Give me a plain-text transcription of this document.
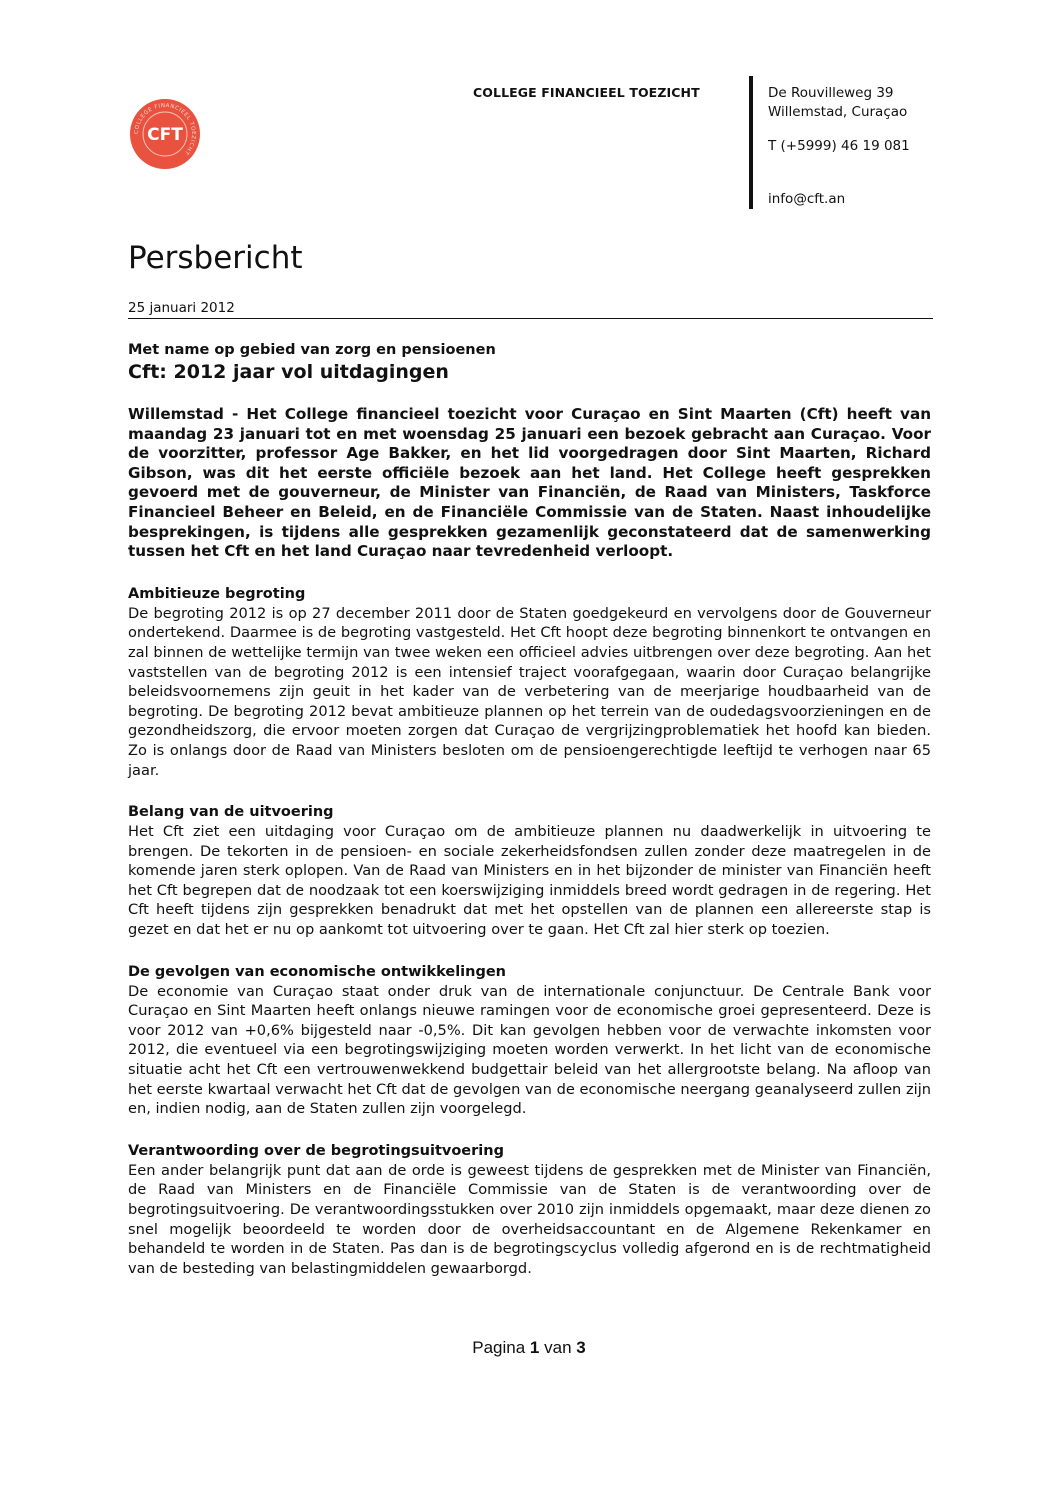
COLLEGE FINANCIEEL TOEZICHT
CFT
COLLEGE FINANCIEEL TOEZICHT	De Rouvilleweg 39
Willemstad, Curaçao
T (+5999) 46 19 081
info@cft.an
Persbericht
25 januari 2012
Met name op gebied van zorg en pensioenen
Cft: 2012 jaar vol uitdagingen

Willemstad - Het College financieel toezicht voor Curaçao en Sint Maarten (Cft) heeft van maandag 23 januari tot en met woensdag 25 januari een bezoek gebracht aan Curaçao. Voor de voorzitter, professor Age Bakker, en het lid voorgedragen door Sint Maarten, Richard Gibson, was dit het eerste officiële bezoek aan het land. Het College heeft gesprekken gevoerd met de gouverneur, de Minister van Financiën, de Raad van Ministers, Taskforce Financieel Beheer en Beleid, en de Financiële Commissie van de Staten. Naast inhoudelijke besprekingen, is tijdens alle gesprekken gezamenlijk geconstateerd dat de samenwerking tussen het Cft en het land Curaçao naar tevredenheid verloopt.

Ambitieuze begroting

De begroting 2012 is op 27 december 2011 door de Staten goedgekeurd en vervolgens door de Gouverneur ondertekend. Daarmee is de begroting vastgesteld. Het Cft hoopt deze begroting binnenkort te ontvangen en zal binnen de wettelijke termijn van twee weken een officieel advies uitbrengen over deze begroting. Aan het vaststellen van de begroting 2012 is een intensief traject voorafgegaan, waarin door Curaçao belangrijke beleidsvoornemens zijn geuit in het kader van de verbetering van de meerjarige houdbaarheid van de begroting. De begroting 2012 bevat ambitieuze plannen op het terrein van de oudedagsvoorzieningen en de gezondheidszorg, die ervoor moeten zorgen dat Curaçao de vergrijzingproblematiek het hoofd kan bieden. Zo is onlangs door de Raad van Ministers besloten om de pensioengerechtigde leeftijd te verhogen naar 65 jaar.

Belang van de uitvoering

Het Cft ziet een uitdaging voor Curaçao om de ambitieuze plannen nu daadwerkelijk in uitvoering te brengen. De tekorten in de pensioen- en sociale zekerheidsfondsen zullen zonder deze maatregelen in de komende jaren sterk oplopen. Van de Raad van Ministers en in het bijzonder de minister van Financiën heeft het Cft begrepen dat de noodzaak tot een koerswijziging inmiddels breed wordt gedragen in de regering. Het Cft heeft tijdens zijn gesprekken benadrukt dat met het opstellen van de plannen een allereerste stap is gezet en dat het er nu op aankomt tot uitvoering over te gaan. Het Cft zal hier sterk op toezien.

De gevolgen van economische ontwikkelingen

De economie van Curaçao staat onder druk van de internationale conjunctuur. De Centrale Bank voor Curaçao en Sint Maarten heeft onlangs nieuwe ramingen voor de economische groei gepresenteerd. Deze is voor 2012 van +0,6% bijgesteld naar -0,5%. Dit kan gevolgen hebben voor de verwachte inkomsten voor 2012, die eventueel via een begrotingswijziging moeten worden verwerkt. In het licht van de economische situatie acht het Cft een vertrouwenwekkend budgettair beleid van het allergrootste belang. Na afloop van het eerste kwartaal verwacht het Cft dat de gevolgen van de economische neergang geanalyseerd zullen zijn en, indien nodig, aan de Staten zullen zijn voorgelegd.

Verantwoording over de begrotingsuitvoering

Een ander belangrijk punt dat aan de orde is geweest tijdens de gesprekken met de Minister van Financiën, de Raad van Ministers en de Financiële Commissie van de Staten is de verantwoording over de begrotingsuitvoering. De verantwoordingsstukken over 2010 zijn inmiddels opgemaakt, maar deze dienen zo snel mogelijk beoordeeld te worden door de overheidsaccountant en de Algemene Rekenkamer en behandeld te worden in de Staten. Pas dan is de begrotingscyclus volledig afgerond en is de rechtmatigheid van de besteding van belastingmiddelen gewaarborgd.

Pagina 1 van 3
